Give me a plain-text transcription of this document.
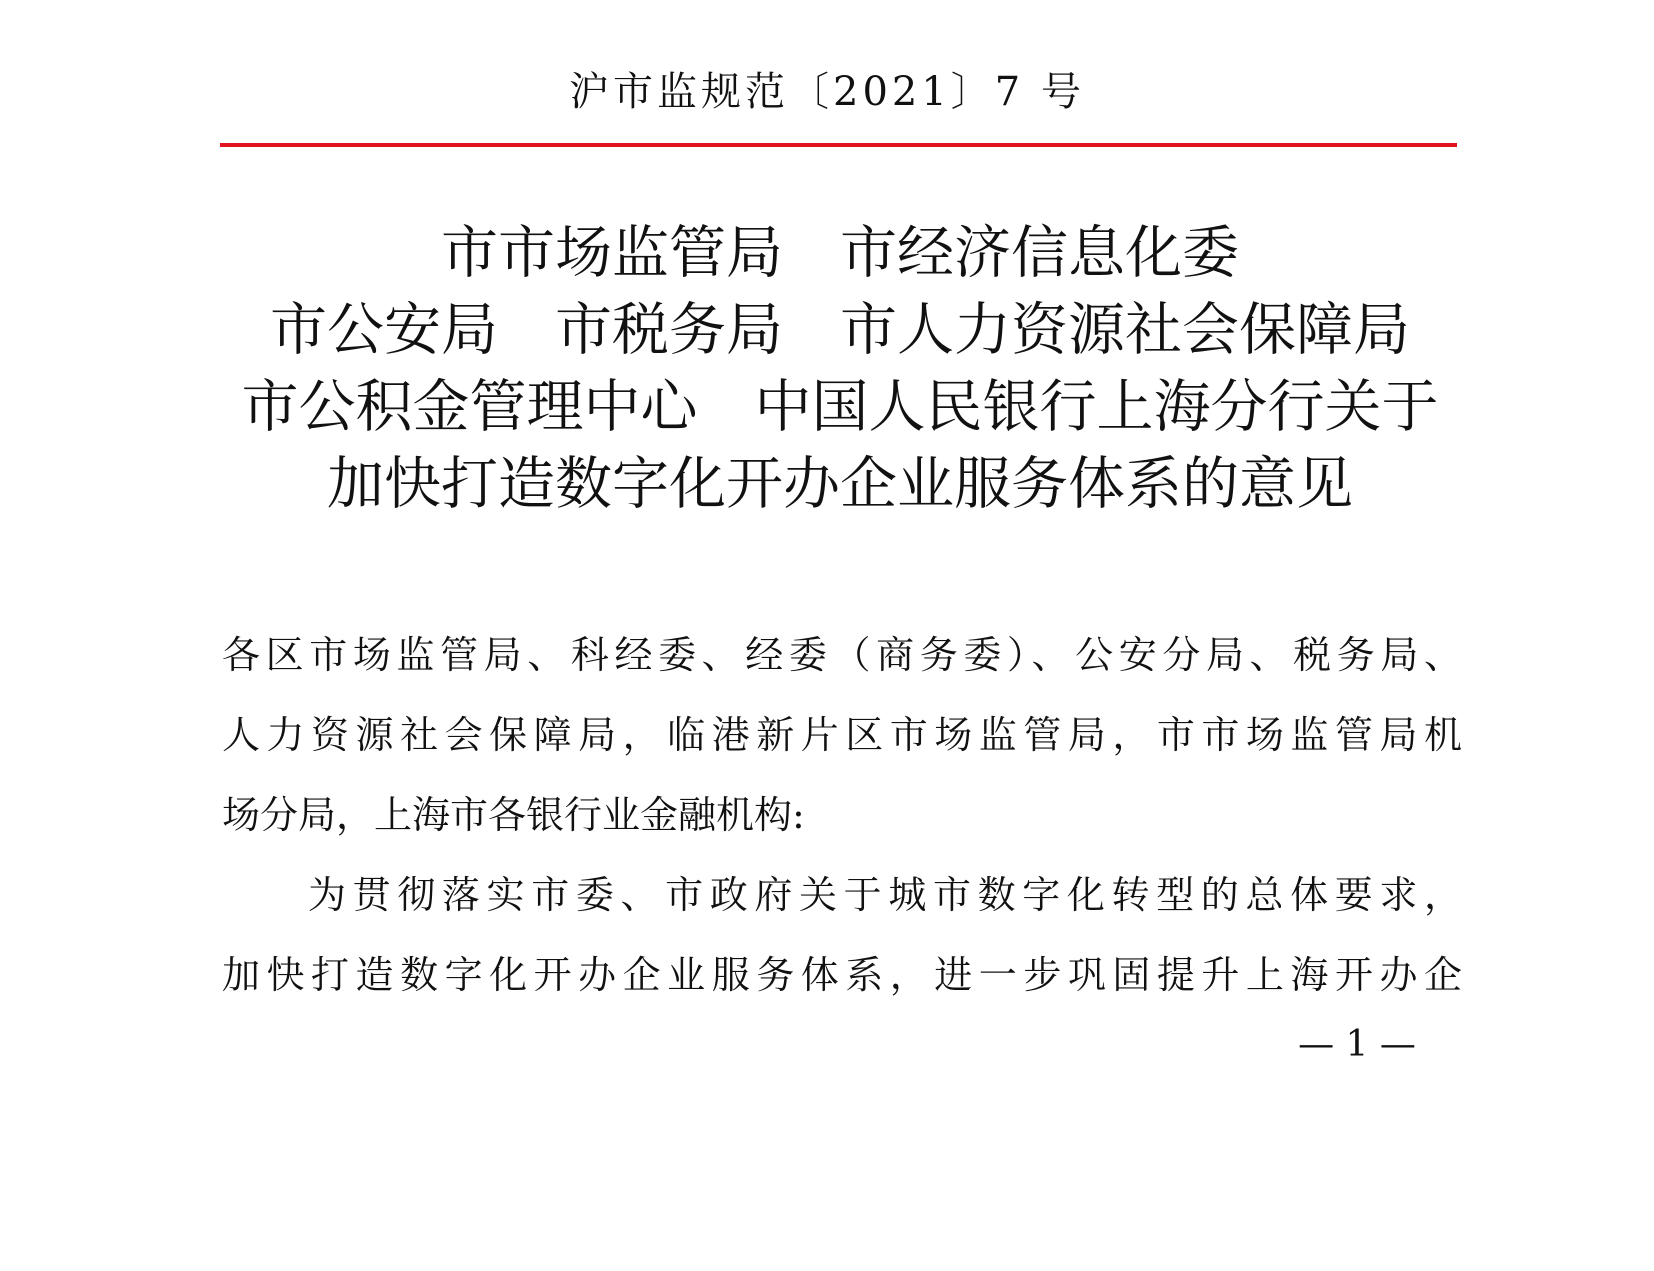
沪市监规范〔2021〕7 号
市市场监管局　市经济信息化委
市公安局　市税务局　市人力资源社会保障局
市公积金管理中心　中国人民银行上海分行关于
加快打造数字化开办企业服务体系的意见
各区市场监管局、科经委、经委（商务委）、公安分局、税务局、
人力资源社会保障局，临港新片区市场监管局，市市场监管局机
场分局，上海市各银行业金融机构:
为贯彻落实市委、市政府关于城市数字化转型的总体要求，
加快打造数字化开办企业服务体系，进一步巩固提升上海开办企
— 1 —
